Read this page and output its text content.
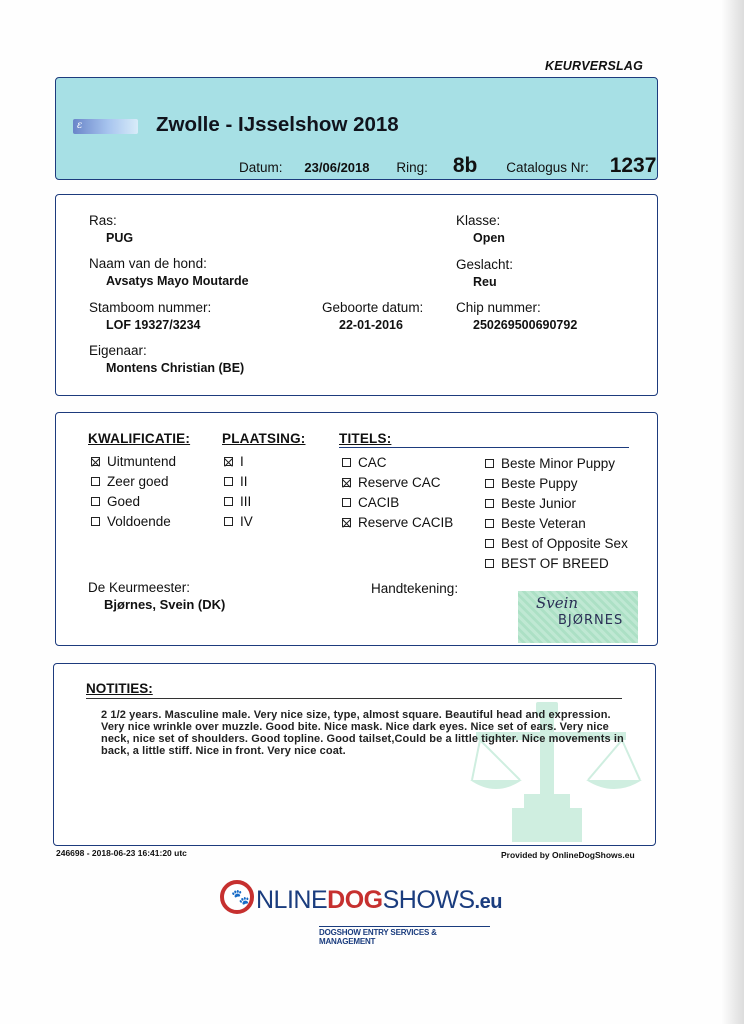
KEURVERSLAG
ε	Zwolle - IJsselshow 2018
Datum: 23/06/2018 Ring: 8b Catalogus Nr: 1237
Ras:
PUG
Klasse:
Open
Naam van de hond:
Avsatys Mayo Moutarde
Geslacht:
Reu
Stamboom nummer:
LOF 19327/3234
Geboorte datum:
22-01-2016
Chip nummer:
250269500690792
Eigenaar:
Montens Christian (BE)
KWALIFICATIE: PLAATSING: TITELS:
Uitmuntend
Zeer goed
Goed
Voldoende
I
II
III
IV
CAC
Reserve CAC
CACIB
Reserve CACIB
Beste Minor Puppy
Beste Puppy
Beste Junior
Beste Veteran
Best of Opposite Sex
BEST OF BREED
De Keurmeester:
Bjørnes, Svein (DK)
Handtekening:
Svein
BJØRNES
NOTITIES:
2 1/2 years. Masculine male. Very nice size, type, almost square. Beautiful head and expression. Very nice wrinkle over muzzle. Good bite. Nice mask. Nice dark eyes. Nice set of ears. Very nice neck, nice set of shoulders. Good topline. Good tailset,Could be a little tighter. Nice movements in back, a little stiff. Nice in front. Very nice coat.
246698 - 2018-06-23 16:41:20 utc	Provided by OnlineDogShows.eu
🐾 NLINEDOGSHOWS.eu
DOGSHOW ENTRY SERVICES & MANAGEMENT
